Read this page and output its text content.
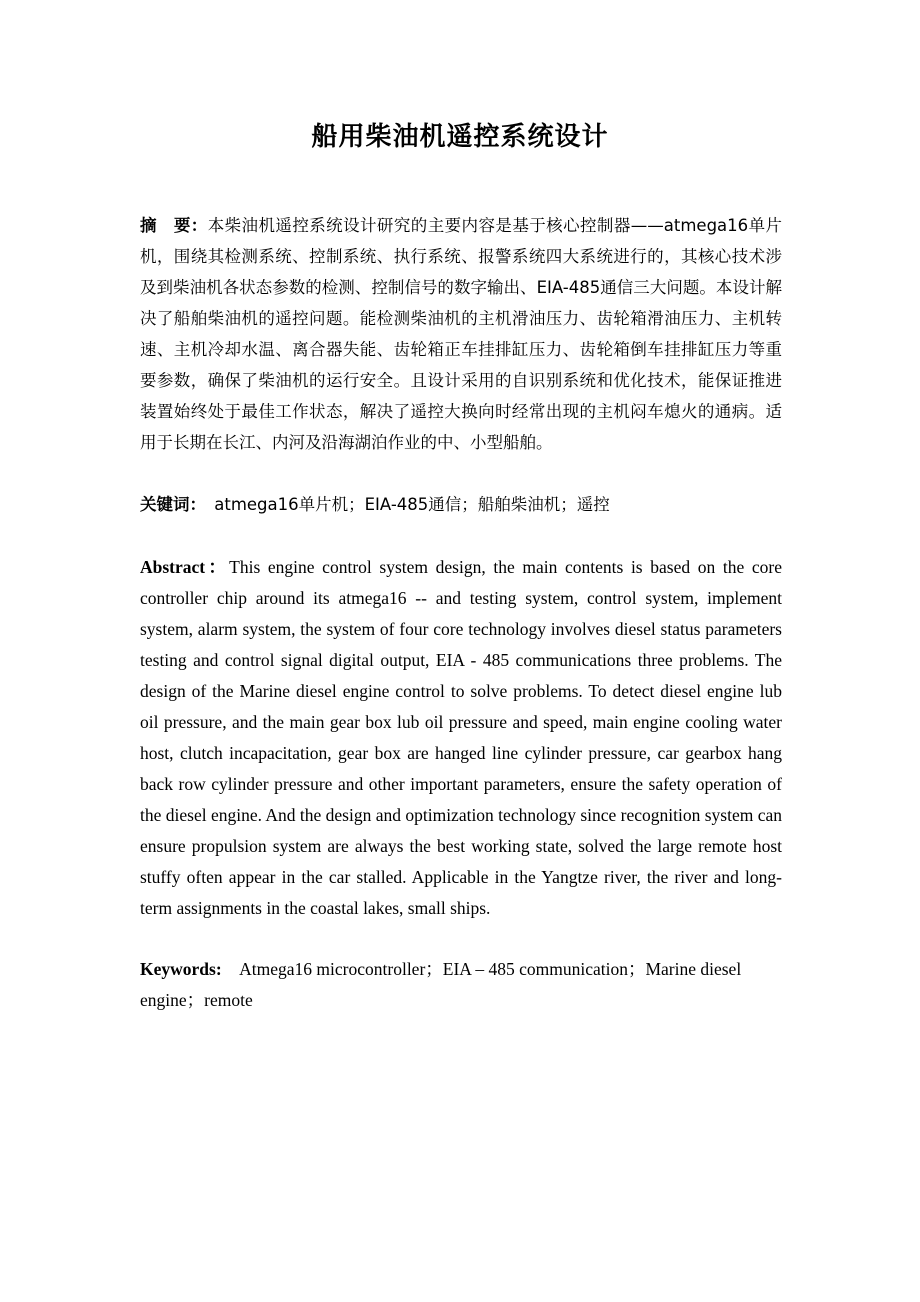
船用柴油机遥控系统设计
摘　要：本柴油机遥控系统设计研究的主要内容是基于核心控制器——atmega16单片机，围绕其检测系统、控制系统、执行系统、报警系统四大系统进行的，其核心技术涉及到柴油机各状态参数的检测、控制信号的数字输出、EIA-485通信三大问题。本设计解决了船舶柴油机的遥控问题。能检测柴油机的主机滑油压力、齿轮箱滑油压力、主机转速、主机冷却水温、离合器失能、齿轮箱正车挂排缸压力、齿轮箱倒车挂排缸压力等重要参数，确保了柴油机的运行安全。且设计采用的自识别系统和优化技术，能保证推进装置始终处于最佳工作状态，解决了遥控大换向时经常出现的主机闷车熄火的通病。适用于长期在长江、内河及沿海湖泊作业的中、小型船舶。
关键词：　atmega16单片机；EIA-485通信；船舶柴油机；遥控
Abstract：This engine control system design, the main contents is based on the core controller chip around its atmega16 -- and testing system, control system, implement system, alarm system, the system of four core technology involves diesel status parameters testing and control signal digital output, EIA - 485 communications three problems. The design of the Marine diesel engine control to solve problems. To detect diesel engine lub oil pressure, and the main gear box lub oil pressure and speed, main engine cooling water host, clutch incapacitation, gear box are hanged line cylinder pressure, car gearbox hang back row cylinder pressure and other important parameters, ensure the safety operation of the diesel engine. And the design and optimization technology since recognition system can ensure propulsion system are always the best working state, solved the large remote host stuffy often appear in the car stalled. Applicable in the Yangtze river, the river and long-term assignments in the coastal lakes, small ships.
Keywords:　Atmega16 microcontroller；EIA – 485 communication；Marine diesel engine；remote
